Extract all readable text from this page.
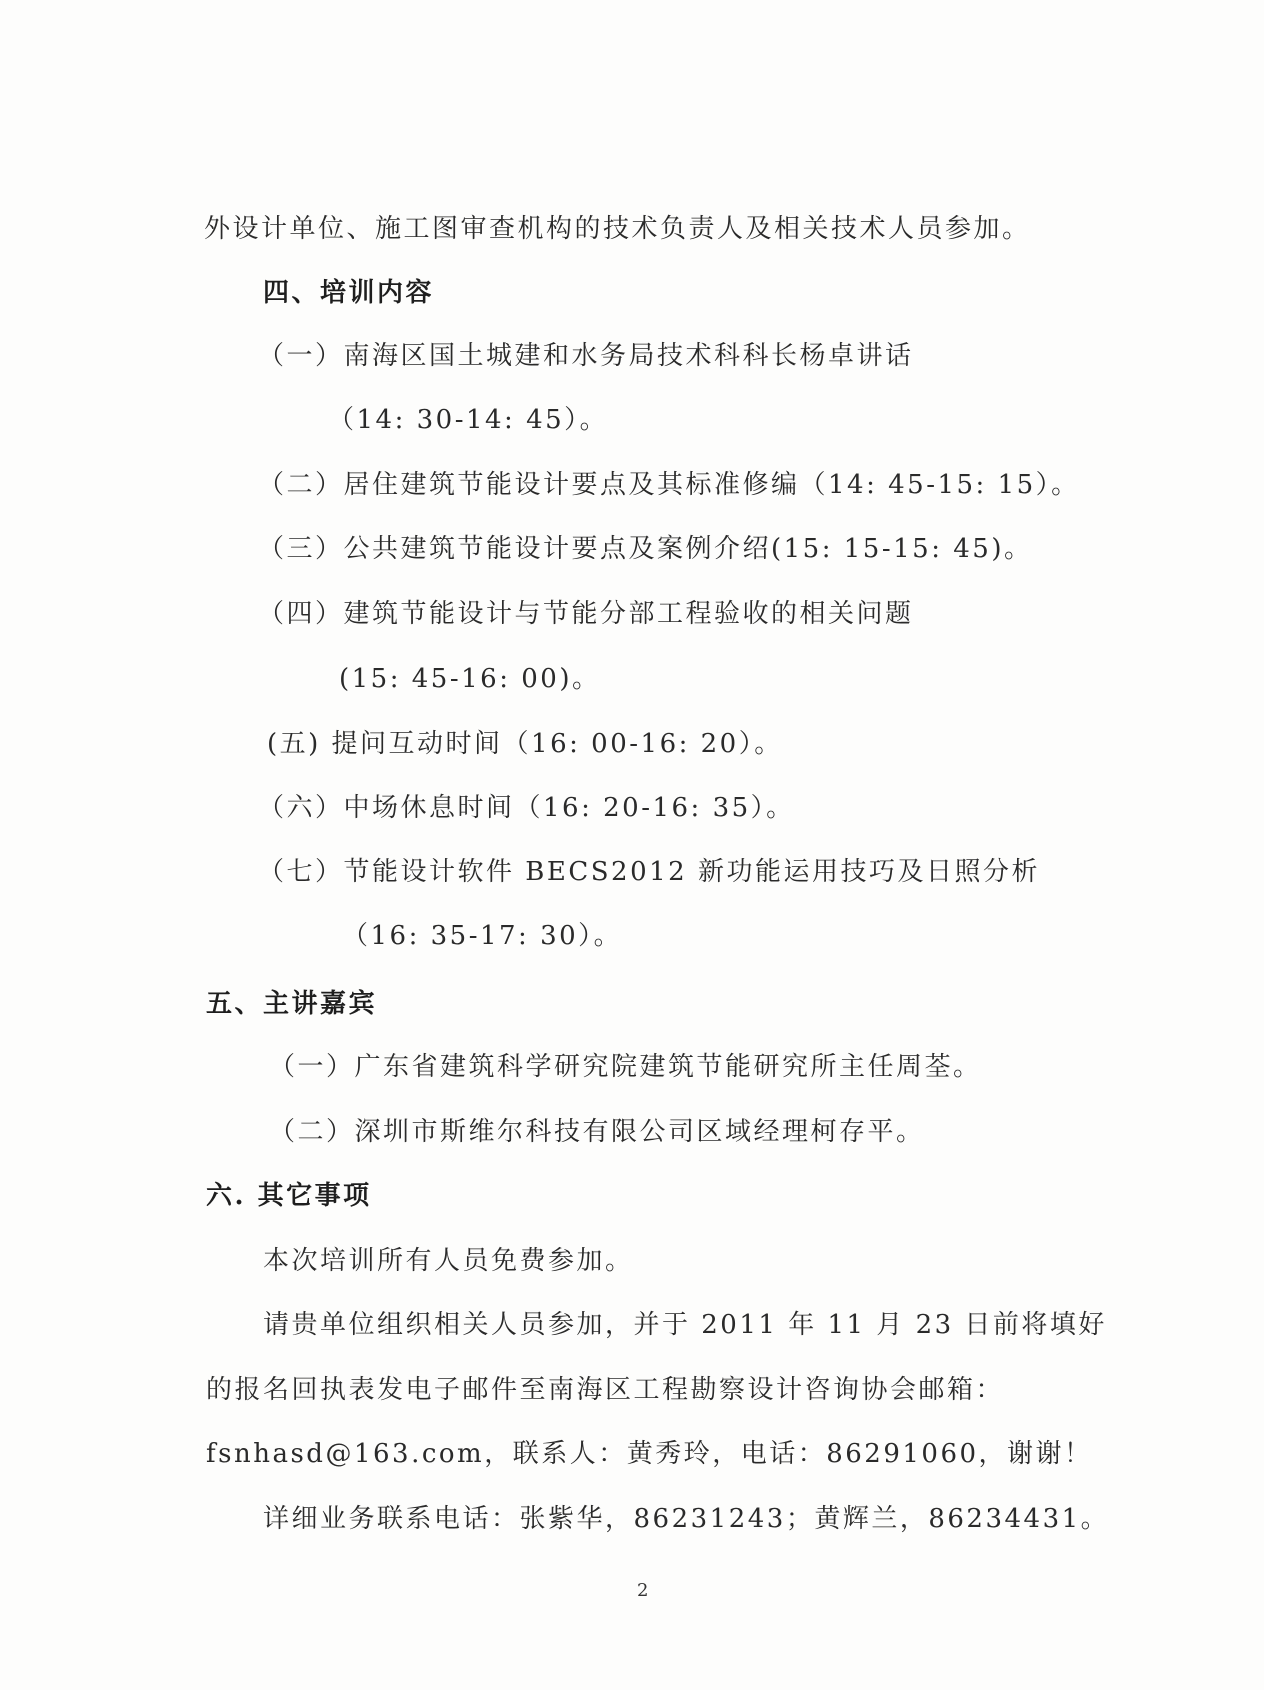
外设计单位、施工图审查机构的技术负责人及相关技术人员参加。
四、培训内容
（一）南海区国土城建和水务局技术科科长杨卓讲话
（14: 30-14: 45）。
（二）居住建筑节能设计要点及其标准修编（14: 45-15: 15）。
（三）公共建筑节能设计要点及案例介绍(15: 15-15: 45)。
（四）建筑节能设计与节能分部工程验收的相关问题
(15: 45-16: 00)。
(五) 提问互动时间（16: 00-16: 20）。
（六）中场休息时间（16: 20-16: 35）。
（七）节能设计软件 BECS2012 新功能运用技巧及日照分析
（16: 35-17: 30）。
五、主讲嘉宾
（一）广东省建筑科学研究院建筑节能研究所主任周荃。
（二）深圳市斯维尔科技有限公司区域经理柯存平。
六. 其它事项
本次培训所有人员免费参加。
请贵单位组织相关人员参加，并于 2011 年 11 月 23 日前将填好
的报名回执表发电子邮件至南海区工程勘察设计咨询协会邮箱：
fsnhasd@163.com，联系人：黄秀玲，电话：86291060，谢谢！
详细业务联系电话：张紫华，86231243；黄辉兰，86234431。
2
